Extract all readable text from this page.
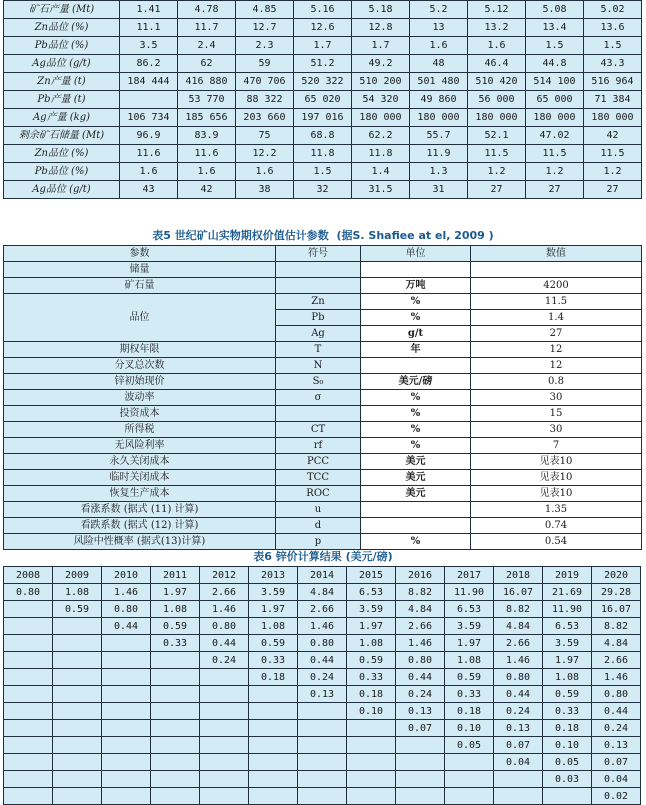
矿石产量 (Mt)	1.41	4.78	4.85	5.16	5.18	5.2	5.12	5.08	5.02
Zn品位 (%)	11.1	11.7	12.7	12.6	12.8	13	13.2	13.4	13.6
Pb品位 (%)	3.5	2.4	2.3	1.7	1.7	1.6	1.6	1.5	1.5
Ag品位 (g/t)	86.2	62	59	51.2	49.2	48	46.4	44.8	43.3
Zn产量 (t)	184 444	416 880	470 706	520 322	510 200	501 480	510 420	514 100	516 964
Pb产量 (t)		53 770	88 322	65 020	54 320	49 860	56 000	65 000	71 384
Ag产量 (kg)	106 734	185 656	203 660	197 016	180 000	180 000	180 000	180 000	180 000
剩余矿石储量 (Mt)	96.9	83.9	75	68.8	62.2	55.7	52.1	47.02	42
Zn品位 (%)	11.6	11.6	12.2	11.8	11.8	11.9	11.5	11.5	11.5
Pb品位 (%)	1.6	1.6	1.6	1.5	1.4	1.3	1.2	1.2	1.2
Ag品位 (g/t)	43	42	38	32	31.5	31	27	27	27
表5 世纪矿山实物期权价值估计参数 (据S. Shafiee at el, 2009 )
参数	符号	单位	数值
储量			
矿石量		万吨	4200
品位	Zn	%	11.5
	Pb	%	1.4
	Ag	g/t	27
期权年限	T	年	12
分叉总次数	N		12
锌初始现价	S₀	美元/磅	0.8
波动率	σ	%	30
投资成本		%	15
所得税	CT	%	30
无风险利率	rf	%	7
永久关闭成本	PCC	美元	见表10
临时关闭成本	TCC	美元	见表10
恢复生产成本	ROC	美元	见表10
看涨系数 (据式 (11) 计算)	u		1.35
看跌系数 (据式 (12) 计算)	d		0.74
风险中性概率 (据式(13)计算)	p	%	0.54
表6 锌价计算结果 (美元/磅)
2008	2009	2010	2011	2012	2013	2014	2015	2016	2017	2018	2019	2020
0.80	1.08	1.46	1.97	2.66	3.59	4.84	6.53	8.82	11.90	16.07	21.69	29.28
	0.59	0.80	1.08	1.46	1.97	2.66	3.59	4.84	6.53	8.82	11.90	16.07
		0.44	0.59	0.80	1.08	1.46	1.97	2.66	3.59	4.84	6.53	8.82
			0.33	0.44	0.59	0.80	1.08	1.46	1.97	2.66	3.59	4.84
				0.24	0.33	0.44	0.59	0.80	1.08	1.46	1.97	2.66
					0.18	0.24	0.33	0.44	0.59	0.80	1.08	1.46
						0.13	0.18	0.24	0.33	0.44	0.59	0.80
							0.10	0.13	0.18	0.24	0.33	0.44
								0.07	0.10	0.13	0.18	0.24
									0.05	0.07	0.10	0.13
										0.04	0.05	0.07
											0.03	0.04
												0.02
